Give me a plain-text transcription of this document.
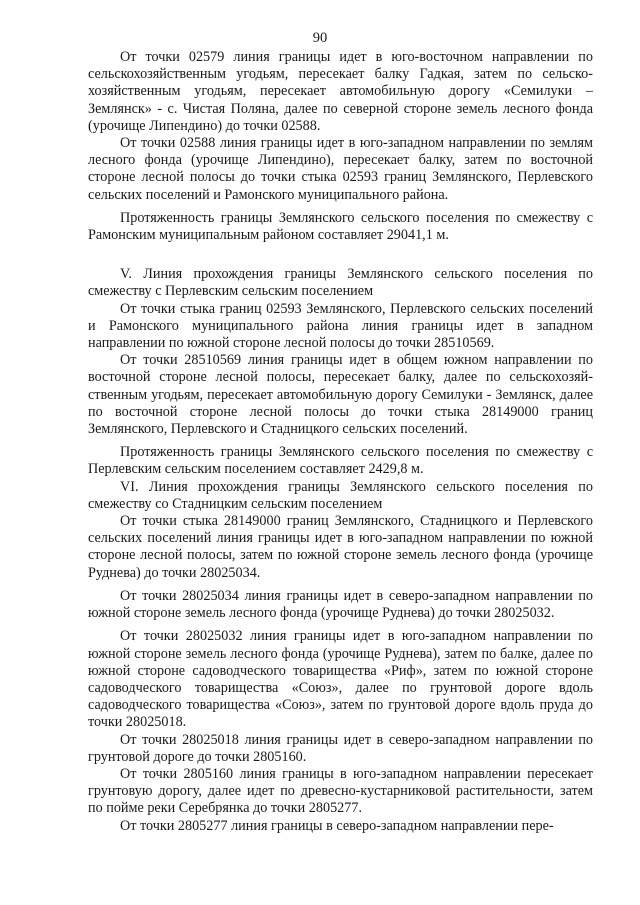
90

От точки 02579 линия границы идет в юго-восточном направлении по сельскохозяйственным угодьям, пересекает балку Гадкая, затем по сельскохозяйственным угодьям, пересекает автомобильную дорогу «Семилуки – Землянск» - с. Чистая Поляна, далее по северной стороне земель лесного фонда (урочище Липендино) до точки 02588.

От точки 02588 линия границы идет в юго-западном направлении по землям лесного фонда (урочище Липендино), пересекает балку, затем по восточной стороне лесной полосы до точки стыка 02593 границ Землянского, Перлевского сельских поселений и Рамонского муниципального района.

Протяженность границы Землянского сельского поселения по смежеству с Рамонским муниципальным районом составляет 29041,1 м.

V. Линия прохождения границы Землянского сельского поселения по смежеству с Перлевским сельским поселением

От точки стыка границ 02593 Землянского, Перлевского сельских поселений и Рамонского муниципального района линия границы идет в западном направлении по южной стороне лесной полосы до точки 28510569.

От точки 28510569 линия границы идет в общем южном направлении по восточной стороне лесной полосы, пересекает балку, далее по сельскохозяйственным угодьям, пересекает автомобильную дорогу Семилуки - Землянск, далее по восточной стороне лесной полосы до точки стыка 28149000 границ Землянского, Перлевского и Стадницкого сельских поселений.

Протяженность границы Землянского сельского поселения по смежеству с Перлевским сельским поселением составляет 2429,8 м.

VI. Линия прохождения границы Землянского сельского поселения по смежеству со Стадницким сельским поселением

От точки стыка 28149000 границ Землянского, Стадницкого и Перлевского сельских поселений линия границы идет в юго-западном направлении по южной стороне лесной полосы, затем по южной стороне земель лесного фонда (урочище Руднева) до точки 28025034.

От точки 28025034 линия границы идет в северо-западном направлении по южной стороне земель лесного фонда (урочище Руднева) до точки 28025032.

От точки 28025032 линия границы идет в юго-западном направлении по южной стороне земель лесного фонда (урочище Руднева), затем по балке, далее по южной стороне садоводческого товарищества «Риф», затем по южной стороне садоводческого товарищества «Союз», далее по грунтовой дороге вдоль садоводческого товарищества «Союз», затем по грунтовой дороге вдоль пруда до точки 28025018.

От точки 28025018 линия границы идет в северо-западном направлении по грунтовой дороге до точки 2805160.

От точки 2805160 линия границы в юго-западном направлении пересекает грунтовую дорогу, далее идет по древесно-кустарниковой растительности, затем по пойме реки Серебрянка до точки 2805277.

От точки 2805277 линия границы в северо-западном направлении пере-
